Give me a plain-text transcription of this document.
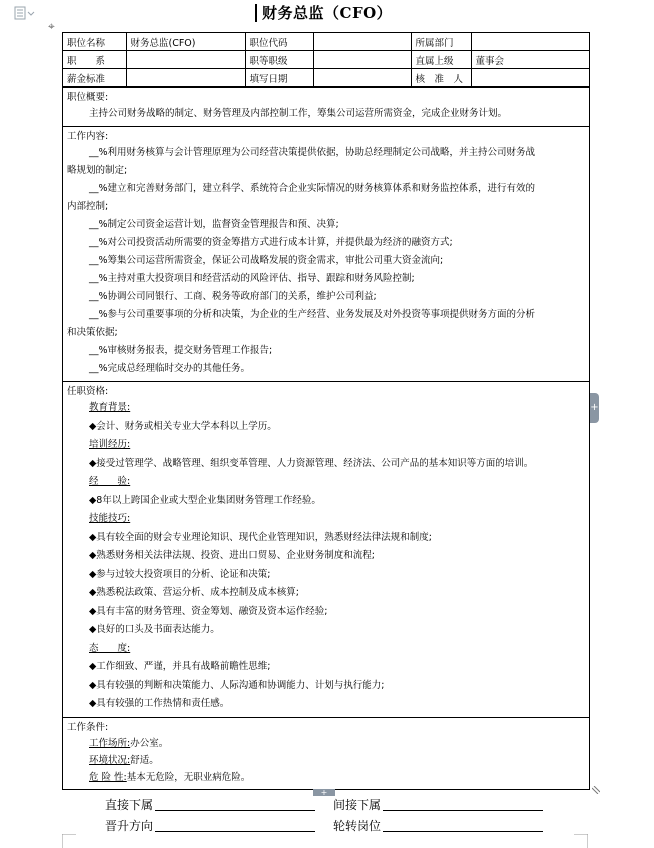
⌖
财务总监（CFO）
职位名称	财务总监(CFO)	职位代码		所属部门	
职　　系		职等职级		直属上级	董事会
薪金标准		填写日期		核　准　人	
职位概要:

主持公司财务战略的制定、财务管理及内部控制工作，筹集公司运营所需资金，完成企业财务计划。

工作内容:

__%利用财务核算与会计管理原理为公司经营决策提供依据，协助总经理制定公司战略，并主持公司财务战

略规划的制定;

__%建立和完善财务部门，建立科学、系统符合企业实际情况的财务核算体系和财务监控体系，进行有效的

内部控制;

__%制定公司资金运营计划，监督资金管理报告和预、决算;

__%对公司投资活动所需要的资金筹措方式进行成本计算，并提供最为经济的融资方式;

__%筹集公司运营所需资金，保证公司战略发展的资金需求，审批公司重大资金流向;

__%主持对重大投资项目和经营活动的风险评估、指导、跟踪和财务风险控制;

__%协调公司同银行、工商、税务等政府部门的关系，维护公司利益;

__%参与公司重要事项的分析和决策，为企业的生产经营、业务发展及对外投资等事项提供财务方面的分析

和决策依据;

__%审核财务报表，提交财务管理工作报告;

__%完成总经理临时交办的其他任务。

任职资格:
教育背景:
◆会计、财务或相关专业大学本科以上学历。
培训经历:
◆接受过管理学、战略管理、组织变革管理、人力资源管理、经济法、公司产品的基本知识等方面的培训。
经　　验:
◆8年以上跨国企业或大型企业集团财务管理工作经验。
技能技巧:
◆具有较全面的财会专业理论知识、现代企业管理知识，熟悉财经法律法规和制度;
◆熟悉财务相关法律法规、投资、进出口贸易、企业财务制度和流程;
◆参与过较大投资项目的分析、论证和决策;
◆熟悉税法政策、营运分析、成本控制及成本核算;
◆具有丰富的财务管理、资金筹划、融资及资本运作经验;
◆良好的口头及书面表达能力。
态　　度:
◆工作细致、严谨，并具有战略前瞻性思维;
◆具有较强的判断和决策能力、人际沟通和协调能力、计划与执行能力;
◆具有较强的工作热情和责任感。
工作条件:
工作场所:办公室。
环境状况:舒适。
危 险 性:基本无危险，无职业病危险。
+
+
直接下属	间接下属
晋升方向	轮转岗位
